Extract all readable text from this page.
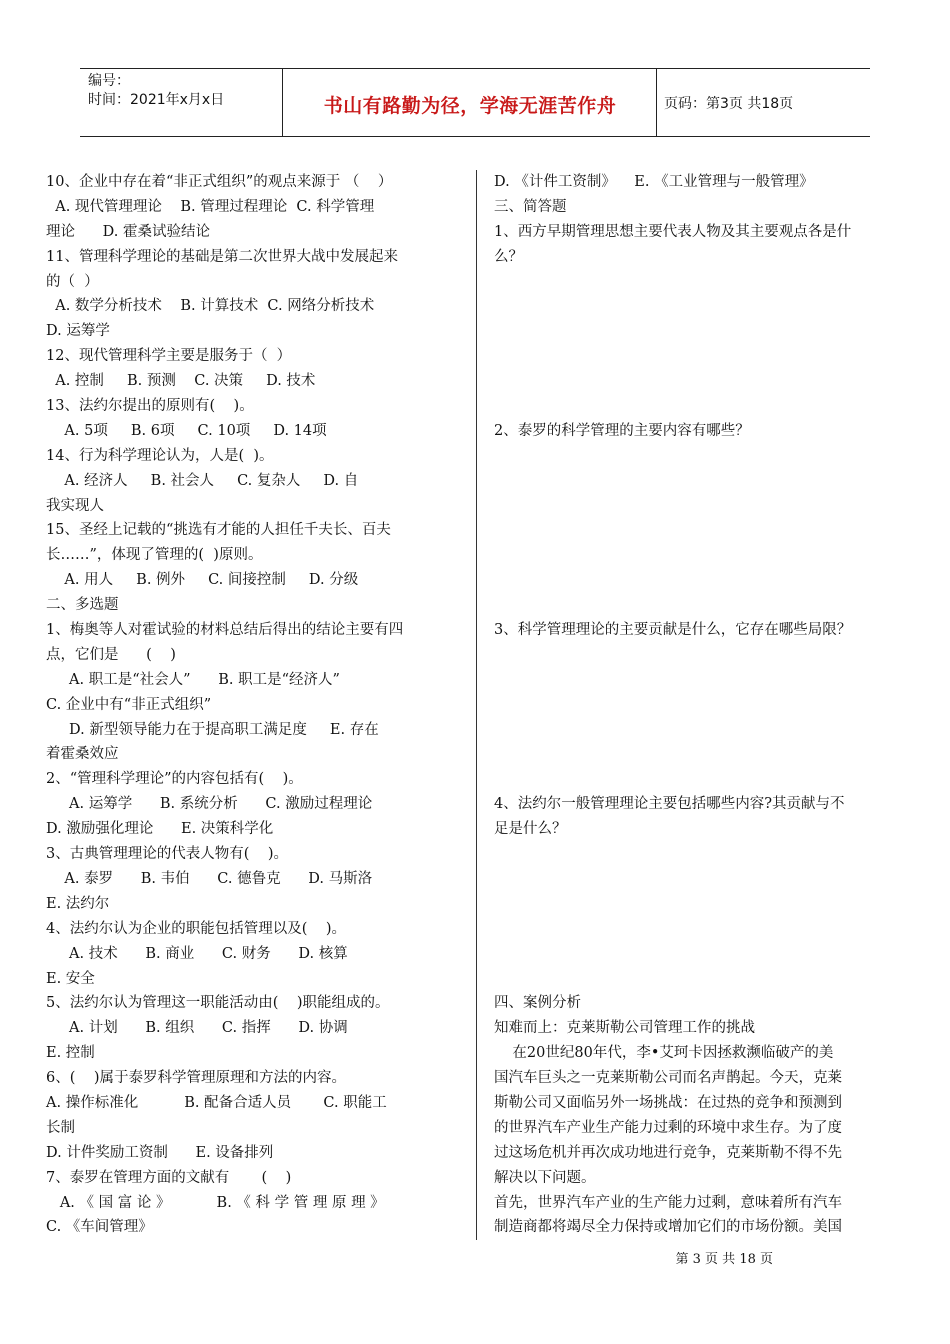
编号：
时间：2021年x月x日	书山有路勤为径，学海无涯苦作舟	页码：第3页 共18页
10、企业中存在着“非正式组织”的观点来源于 （    ）
A. 现代管理理论    B. 管理过程理论  C. 科学管理
理论      D. 霍桑试验结论
11、管理科学理论的基础是第二次世界大战中发展起来
的（  ）
A. 数学分析技术    B. 计算技术  C. 网络分析技术
D. 运筹学
12、现代管理科学主要是服务于（  ）
A. 控制     B. 预测    C. 决策     D. 技术
13、法约尔提出的原则有(    )。
A. 5项     B. 6项     C. 10项     D. 14项
14、行为科学理论认为，人是(  )。
A. 经济人     B. 社会人     C. 复杂人     D. 自
我实现人
15、圣经上记载的“挑选有才能的人担任千夫长、百夫
长……”，体现了管理的(  )原则。
A. 用人     B. 例外     C. 间接控制     D. 分级
二、多选题
1、梅奥等人对霍试验的材料总结后得出的结论主要有四
点，它们是      (    )
A. 职工是“社会人”      B. 职工是“经济人”
C. 企业中有“非正式组织”
D. 新型领导能力在于提高职工满足度     E. 存在
着霍桑效应
2、“管理科学理论”的内容包括有(    )。
A. 运筹学      B. 系统分析      C. 激励过程理论
D. 激励强化理论      E. 决策科学化
3、古典管理理论的代表人物有(    )。
A. 泰罗      B. 韦伯      C. 德鲁克      D. 马斯洛
E. 法约尔
4、法约尔认为企业的职能包括管理以及(    )。
A. 技术      B. 商业      C. 财务      D. 核算
E. 安全
5、法约尔认为管理这一职能活动由(    )职能组成的。
A. 计划      B. 组织      C. 指挥      D. 协调
E. 控制
6、(    )属于泰罗科学管理原理和方法的内容。
A. 操作标准化          B. 配备合适人员       C. 职能工
长制
D. 计件奖励工资制      E. 设备排列
7、泰罗在管理方面的文献有       (    )
A. 《 国 富 论 》          B. 《 科 学 管 理 原 理 》
C. 《车间管理》
D. 《计件工资制》    E. 《工业管理与一般管理》
三、简答题
1、西方早期管理思想主要代表人物及其主要观点各是什
么？
2、泰罗的科学管理的主要内容有哪些？
3、科学管理理论的主要贡献是什么，它存在哪些局限？
4、法约尔一般管理理论主要包括哪些内容?其贡献与不
足是什么？
四、案例分析
知难而上：克莱斯勒公司管理工作的挑战
在20世纪80年代，李•艾珂卡因拯救濒临破产的美
国汽车巨头之一克莱斯勒公司而名声鹊起。今天，克莱
斯勒公司又面临另外一场挑战：在过热的竞争和预测到
的世界汽车产业生产能力过剩的环境中求生存。为了度
过这场危机并再次成功地进行竞争，克莱斯勒不得不先
解决以下问题。
首先，世界汽车产业的生产能力过剩，意味着所有汽车
制造商都将竭尽全力保持或增加它们的市场份额。美国
第 3 页 共 18 页
